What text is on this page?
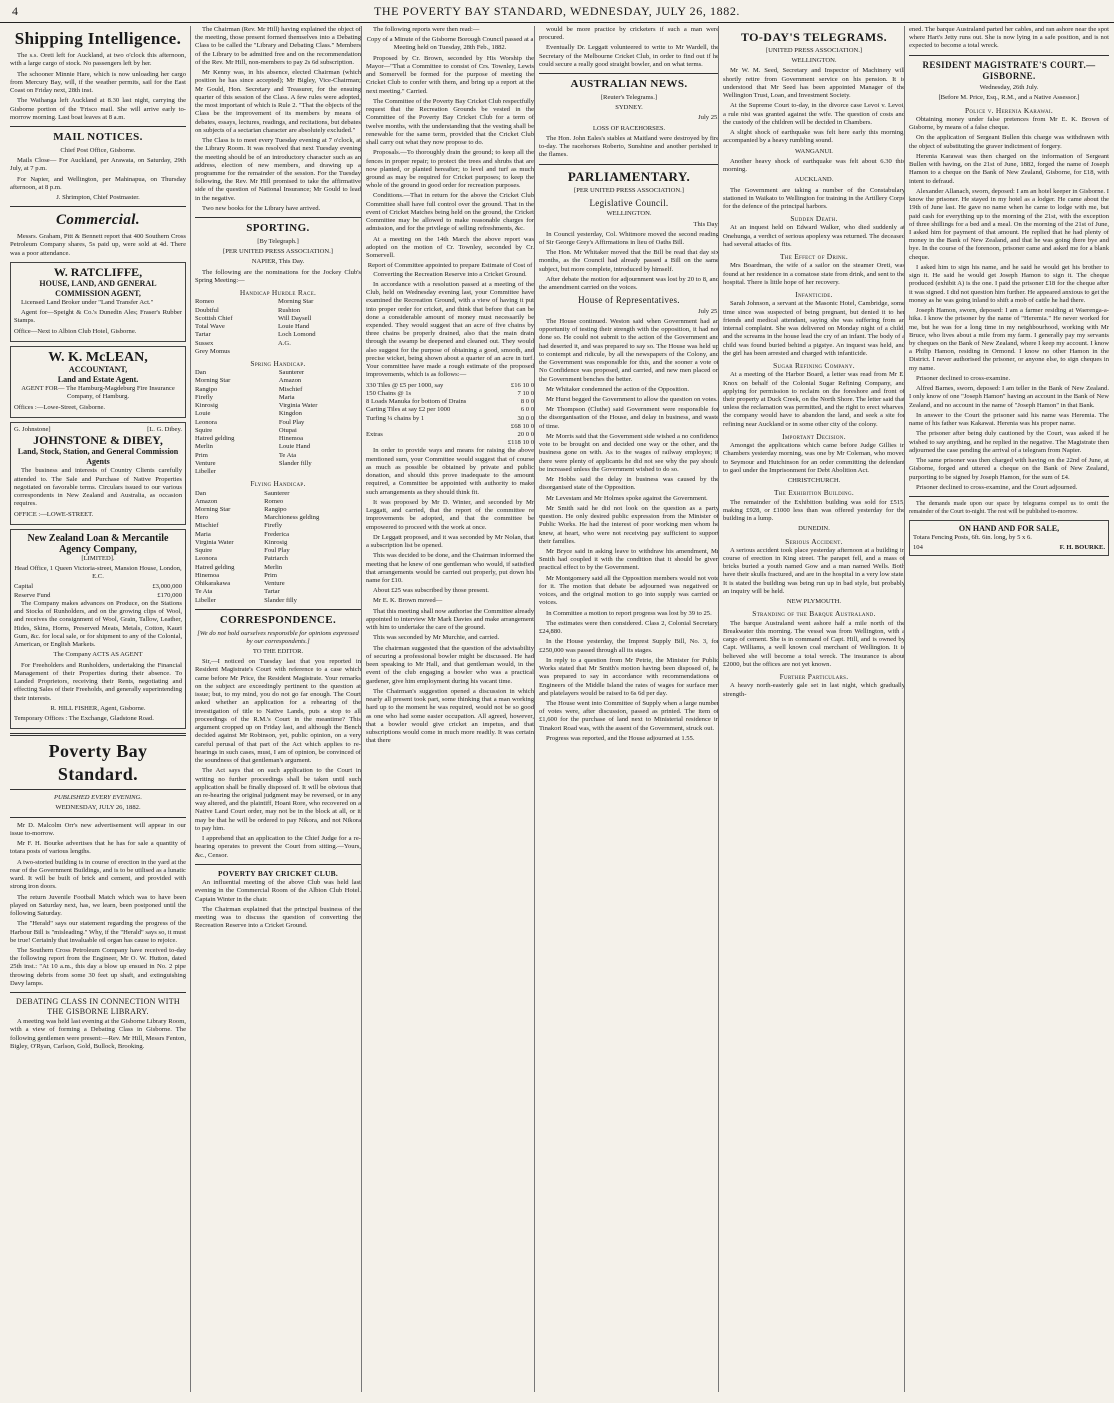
4	THE POVERTY BAY STANDARD, WEDNESDAY, JULY 26, 1882.
Shipping Intelligence.

The s.s. Oreti left for Auckland, at two o'clock this afternoon, with a large cargo of stock. No passengers left by her.

The schooner Minnie Hare, which is now unloading her cargo from Mercury Bay, will, if the weather permits, sail for the East Coast on Friday next, 28th inst.

The Waihanga left Auckland at 8.30 last night, carrying the Gisborne portion of the 'Frisco mail. She will arrive early to-morrow morning. Last boat leaves at 8 a.m.

MAIL NOTICES.

Chief Post Office, Gisborne.

Mails Close— For Auckland, per Arawata, on Saturday, 29th July, at 7 p.m.

For Napier, and Wellington, per Mahinapua, on Thursday afternoon, at 8 p.m.

J. Shrimpton, Chief Postmaster.

Commercial.

Messrs. Graham, Pitt & Bennett report that 400 Southern Cross Petroleum Company shares, 5s paid up, were sold at 4d. There was a poor attendance.

W. RATCLIFFE,
HOUSE, LAND, AND GENERAL COMMISSION AGENT,

Licensed Land Broker under "Land Transfer Act."

Agent for—Speight & Co.'s Dunedin Ales; Fraser's Rubber Stamps.

Office—Next to Albion Club Hotel, Gisborne.

W. K. McLEAN,
ACCOUNTANT,
Land and Estate Agent.

AGENT FOR— The Hamburg-Magdeburg Fire Insurance Company, of Hamburg.

Offices :—Lowe-Street, Gisborne.

G. Johnstone]	[L. G. Dibey.
JOHNSTONE & DIBEY,
Land, Stock, Station, and General Commission Agents

The business and interests of Country Clients carefully attended to. The Sale and Purchase of Native Properties negotiated on favorable terms. Circulars issued to our various correspondents in New Zealand and Australia, as occasion requires.

OFFICE :—LOWE-STREET.

New Zealand Loan & Mercantile Agency Company,

[LIMITED].

Head Office, 1 Queen Victoria-street, Mansion House, London, E.C.

Capital	£3,000,000
Reserve Fund	£170,000

The Company makes advances on Produce, on the Stations and Stocks of Runholders, and on the growing clips of Wool, and receives the consignment of Wool, Grain, Tallow, Leather, Hides, Skins, Horns, Preserved Meats, Metals, Cotton, Kauri Gum, &c. for local sale, or for shipment to any of the Colonial, American, or English Markets.

The Company ACTS AS AGENT

For Freeholders and Runholders, undertaking the Financial Management of their Properties during their absence. To Landed Proprietors, receiving their Rents, negotiating and effecting Sales of their Freeholds, and generally superintending their interests.

R. HILL FISHER, Agent, Gisborne.

Temporary Offices : The Exchange, Gladstone Road.

Poverty Bay Standard.

PUBLISHED EVERY EVENING.

WEDNESDAY, JULY 26, 1882.

Mr D. Malcolm Orr's new advertisement will appear in our issue to-morrow.

Mr F. H. Bourke advertises that he has for sale a quantity of totara posts of various lengths.

A two-storied building is in course of erection in the yard at the rear of the Government Buildings, and is to be utilised as a lunatic ward. It will be built of brick and cement, and provided with strong iron doors.

The return Juvenile Football Match which was to have been played on Saturday next, has, we learn, been postponed until the following Saturday.

The "Herald" says our statement regarding the progress of the Harbour Bill is "misleading." Why, if the "Herald" says so, it must be true! Certainly that invaluable oil organ has cause to rejoice.

The Southern Cross Petroleum Company have received to-day the following report from the Engineer, Mr O. W. Hutton, dated 25th inst.: "At 10 a.m., this day a blow up ensued in No. 2 pipe throwing debris from some 30 feet up shaft, and extinguishing Davy lamps.

DEBATING CLASS IN CONNECTION WITH THE GISBORNE LIBRARY.

A meeting was held last evening at the Gisborne Library Room, with a view of forming a Debating Class in Gisborne. The following gentlemen were present:—Rev. Mr Hill, Messrs Fenton, Bigley, O'Ryan, Carlson, Gold, Bullock, Brooking.

The Chairman (Rev. Mr Hill) having explained the object of the meeting, those present formed themselves into a Debating Class to be called the "Library and Debating Class." Members of the Library to be admitted free and on the recommendation of the Rev. Mr Hill, non-members to pay 2s 6d subscription.

Mr Kenny was, in his absence, elected Chairman (which position he has since accepted); Mr Bigley, Vice-Chairman; Mr Gould, Hon. Secretary and Treasurer, for the ensuing quarter of this session of the Class. A few rules were adopted, the most important of which is Rule 2. "That the objects of the Class be the improvement of its members by means of debates, essays, lectures, readings, and recitations, but debates on subjects of a sectarian character are absolutely excluded."

The Class is to meet every Tuesday evening at 7 o'clock, at the Library Room. It was resolved that next Tuesday evening the meeting should be of an introductory character such as an address, election of new members, and drawing up a programme for the remainder of the session. For the Tuesday following, the Rev. Mr Hill promised to take the affirmative side of the question of National Insurance; Mr Gould to lead in the negative.

Two new books for the Library have arrived.

SPORTING.

[By Telegraph.]

[PER UNITED PRESS ASSOCIATION.]

NAPIER, This Day.

The following are the nominations for the Jockey Club's Spring Meeting:—

Handicap Hurdle Race.
Romeo	Morning Star
Doubtful	Rushton
Scottish Chief	Will Daysell
Total Wave	Louie Hand
Tartar	Loch Lomond
Sussex	A.G.
Grey Momus	
Spring Handicap.
Dan	Saunterer
Morning Star	Amazon
Rangipo	Mischief
Firefly	Maria
Kinrosig	Virginia Water
Louie	Kingdon
Leonora	Foul Play
Squire	Otupai
Hatred gelding	Hinemoa
Merlin	Louie Hand
Prim	Te Ata
Venture	Slander filly
Libeller	
Flying Handicap.
Dan	Saunterer
Amazon	Romeo
Morning Star	Rangipo
Hero	Marchioness gelding
Mischief	Firefly
Maria	Frederica
Virginia Water	Kinrosig
Squire	Foul Play
Leonora	Patriarch
Hatred gelding	Merlin
Hinemoa	Prim
Ohikarakawa	Venture
Te Ata	Tartar
Libeller	Slander filly
CORRESPONDENCE.

[We do not hold ourselves responsible for opinions expressed by our correspondents.]

TO THE EDITOR.

Sir,—I noticed on Tuesday last that you reported in Resident Magistrate's Court with reference to a case which came before Mr Price, the Resident Magistrate. Your remarks on the subject are exceedingly pertinent to the question at issue; but, to my mind, you do not go far enough. The Court asked whether an application for a rehearing of the investigation of title to Native Lands, puts a stop to all proceedings of the R.M.'s Court in the meantime? This argument cropped up on Friday last, and although the Bench decided against Mr Robinson, yet, public opinion, on a very careful perusal of that part of the Act which applies to re-hearings in such cases, must, I am of opinion, be convinced of the soundness of that gentleman's argument.

The Act says that on such application to the Court in writing no further proceedings shall be taken until such application shall be finally disposed of. It will be obvious that an re-hearing the original judgment may be reversed, or in any way altered, and the plaintiff, Hoani Rore, who recovered on a Native Land Court order, may not be in the block at all, or it may be that he will be ordered to pay Nikora, and not Nikora to pay him.

I apprehend that an application to the Chief Judge for a re-hearing operates to prevent the Court from sitting.—Yours, &c., Censor.

POVERTY BAY CRICKET CLUB.

An influential meeting of the above Club was held last evening in the Commercial Room of the Albion Club Hotel. Captain Winter in the chair.

The Chairman explained that the principal business of the meeting was to discuss the question of converting the Recreation Reserve into a Cricket Ground.

The following reports were then read:—

Copy of a Minute of the Gisborne Borough Council passed at a Meeting held on Tuesday, 28th Feb., 1882.

Proposed by Cr. Brown, seconded by His Worship the Mayor—"That a Committee to consist of Crs. Townley, Lewis and Somervell be formed for the purpose of meeting the Cricket Club to confer with them, and bring up a report at the next meeting." Carried.

The Committee of the Poverty Bay Cricket Club respectfully request that the Recreation Grounds be vested in the Committee of the Poverty Bay Cricket Club for a term of twelve months, with the understanding that the vesting shall be renewable for the same term, provided that the Cricket Club shall carry out what they now propose to do.

Proposals.—To thoroughly drain the ground; to keep all the fences in proper repair; to protect the trees and shrubs that are now planted, or planted hereafter; to level and turf as much ground as may be required for Cricket purposes; to keep the whole of the ground in good order for recreation purposes.

Conditions.—That in return for the above the Cricket Club Committee shall have full control over the ground. That in the event of Cricket Matches being held on the ground, the Cricket Committee may be allowed to make reasonable charges for admission, and for the privilege of selling refreshments, &c.

At a meeting on the 14th March the above report was adopted on the motion of Cr. Townley, seconded by Cr. Somervell.

Report of Committee appointed to prepare Estimate of Cost of Converting the Recreation Reserve into a Cricket Ground.

In accordance with a resolution passed at a meeting of the Club, held on Wednesday evening last, your Committee have examined the Recreation Ground, with a view of having it put into proper order for cricket, and think that before that can be done a considerable amount of money must necessarily be expended. They would suggest that an acre of five chains by three chains be properly drained, also that the main drain through the swamp be deepened and cleaned out. They would also suggest for the purpose of obtaining a good, smooth, and precise wicket, being shown about a quarter of an acre in turf. Your committee have made a rough estimate of the proposed improvements, which is as follows:—

330 Tiles @ £5 per 1000, say	£16 10 0
150 Chains @ 1s	7 10 0
8 Loads Manuka for bottom of Drains	8 0 0
Carting Tiles at say £2 per 1000	6 0 0
Turfing ¼ chains by 1	30 0 0
	£68 10 0
Extras	20 0 0
	£118 10 0

In order to provide ways and means for raising the above mentioned sum, your Committee would suggest that of course as much as possible be obtained by private and public donation, and should this prove inadequate to the amount required, a Committee be appointed with authority to make such arrangements as they should think fit.

It was proposed by Mr D. Winter, and seconded by Mr Leggatt, and carried, that the report of the committee re improvements be adopted, and that the committee be empowered to proceed with the work at once.

Dr Leggatt proposed, and it was seconded by Mr Nolan, that a subscription list be opened.

This was decided to be done, and the Chairman informed the meeting that he knew of one gentleman who would, if satisfied that arrangements would be carried out properly, put down his name for £10.

About £25 was subscribed by those present.

Mr E. K. Brown moved—

That this meeting shall now authorise the Committee already appointed to interview Mr Mark Davies and make arrangement with him to undertake the care of the ground.

This was seconded by Mr Murchie, and carried.

The chairman suggested that the question of the advisability of securing a professional bowler might be discussed. He had been speaking to Mr Hall, and that gentleman would, in the event of the club engaging a bowler who was a practical gardener, give him employment during his vacant time.

The Chairman's suggestion opened a discussion in which nearly all present took part, some thinking that a man working hard up to the moment he was required, would not be so good as one who had some easier occupation. All agreed, however, that a bowler would give cricket an impetus, and that subscriptions would come in much more readily. It was certain that there

would be more practice by cricketers if such a man were procured.

Eventually Dr. Leggatt volunteered to write to Mr Wardell, the Secretary of the Melbourne Cricket Club, in order to find out if he could secure a really good straight bowler, and on what terms.

AUSTRALIAN NEWS.

[Reuter's Telegrams.]

SYDNEY.

July 25.

LOSS OF RACEHORSES.

The Hon. John Eales's stables at Maitland were destroyed by fire to-day. The racehorses Roberto, Sunshine and another perished in the flames.

PARLIAMENTARY.

[PER UNITED PRESS ASSOCIATION.]

Legislative Council.

WELLINGTON.

This Day.

In Council yesterday, Col. Whitmore moved the second reading of Sir George Grey's Affirmations in lieu of Oaths Bill.

The Hon. Mr Whitaker moved that the Bill be read that day six months, as the Council had already passed a Bill on the same subject, but more complete, introduced by himself.

After debate the motion for adjournment was lost by 20 to 8, and the amendment carried on the voices.

House of Representatives.

July 25.

The House continued. Weston said when Government had an opportunity of testing their strength with the opposition, it had not done so. He could not submit to the action of the Government and had deserted it, and was prepared to say so. The House was held up to contempt and ridicule, by all the newspapers of the Colony, and the Government was responsible for this, and the sooner a vote of No Confidence was proposed, and carried, and new men placed on the Government benches the better.

Mr Whitaker condemned the action of the Opposition.

Mr Hurst begged the Government to allow the question on votes.

Mr Thompson (Cluthe) said Government were responsible for the disorganisation of the House, and delay in business, and waste of time.

Mr Morris said that the Government side wished a no confidence vote to be brought on and decided one way or the other, and the business gone on with. As to the wages of railway employes; if there were plenty of applicants he did not see why the pay should be increased unless the Government wished to do so.

Mr Hobbs said the delay in business was caused by the disorganised state of the Opposition.

Mr Levestam and Mr Holmes spoke against the Government.

Mr Smith said he did not look on the question as a party question. He only desired public expression from the Minister of Public Works. He had the interest of poor working men whom he knew, at heart, who were not receiving pay sufficient to support their families.

Mr Bryce said in asking leave to withdraw his amendment, Mr Smith had coupled it with the condition that it should be given practical effect to by the Government.

Mr Montgomery said all the Opposition members would not vote for it. The motion that debate be adjourned was negatived on voices, and the original motion to go into supply was carried on voices.

In Committee a motion to report progress was lost by 39 to 25.

The estimates were then considered. Class 2, Colonial Secretary, £24,880.

In the House yesterday, the Imprest Supply Bill, No. 3, for £250,000 was passed through all its stages.

In reply to a question from Mr Petrie, the Minister for Public Works stated that Mr Smith's motion having been disposed of, he was prepared to say in accordance with recommendations of Engineers of the Middle Island the rates of wages for surface men and platelayers would be raised to 6s 6d per day.

The House went into Committee of Supply when a large number of votes were, after discussion, passed as printed. The item of £1,600 for the purchase of land next to Ministerial residence in Tinakori Road was, with the assent of the Government, struck out.

Progress was reported, and the House adjourned at 1.55.

TO-DAY'S TELEGRAMS.

[UNITED PRESS ASSOCIATION.]

WELLINGTON.

Mr W. M. Seed, Secretary and Inspector of Machinery will shortly retire from Government service on his pension. It is understood that Mr Seed has been appointed Manager of the Wellington Trust, Loan, and Investment Society.

At the Supreme Court to-day, in the divorce case Levoi v. Levoi, a rule nisi was granted against the wife. The question of costs and the custody of the children will be decided in Chambers.

A slight shock of earthquake was felt here early this morning, accompanied by a heavy rumbling sound.

WANGANUI.

Another heavy shock of earthquake was felt about 6.30 this morning.

AUCKLAND.

The Government are taking a number of the Constabulary stationed in Waikato to Wellington for training in the Artillery Corps for the defence of the principal harbors.

Sudden Death.

At an inquest held on Edward Walker, who died suddenly at Onehunga, a verdict of serious apoplexy was returned. The deceased had several attacks of fits.

The Effect of Drink.

Mrs Boardman, the wife of a sailor on the steamer Oreti, was found at her residence in a comatose state from drink, and sent to the hospital. There is little hope of her recovery.

Infanticide.

Sarah Johnson, a servant at the Masonic Hotel, Cambridge, some time since was suspected of being pregnant, but denied it to her friends and medical attendant, saying she was suffering from an internal complaint. She was delivered on Monday night of a child, and the screams in the house lead the cry of an infant. The body of a child was found buried behind a pigstye. An inquest was held, and the girl has been arrested and charged with infanticide.

Sugar Refining Company.

At a meeting of the Harbor Board, a letter was read from Mr E. Knox on behalf of the Colonial Sugar Refining Company, and applying for permission to reclaim on the foreshore and front of their property at Duck Creek, on the North Shore. The letter said that unless the reclamation was permitted, and the right to erect wharves, the company would have to abandon the land, and seek a site for refining near Auckland or in some other city of the colony.

Important Decision.

Amongst the applications which came before Judge Gillies in Chambers yesterday morning, was one by Mr Coleman, who moved to Seymour and Hutchinson for an order committing the defendant to gaol under the Imprisonment for Debt Abolition Act.

CHRISTCHURCH.

The Exhibition Building.

The remainder of the Exhibition building was sold for £515, making £928, or £1000 less than was offered yesterday for the building in a lump.

DUNEDIN.

Serious Accident.

A serious accident took place yesterday afternoon at a building in course of erection in King street. The parapet fell, and a mass of bricks buried a youth named Gow and a man named Wells. Both have their skulls fractured, and are in the hospital in a very low state. It is stated the building was being run up in bad style, but probably an inquiry will be held.

NEW PLYMOUTH.

Stranding of the Barque Australand.

The barque Australand went ashore half a mile north of the Breakwater this morning. The vessel was from Wellington, with a cargo of cement. She is in command of Capt. Hill, and is owned by Capt. Williams, a well known coal merchant of Wellington. It is believed she will become a total wreck. The insurance is about £2000, but the offices are not yet known.

Further Particulars.

A heavy north-easterly gale set in last night, which gradually strength-

ened. The barque Australand parted her cables, and ran ashore near the spot where Hart's Jetty runs out. She is now lying in a safe position, and is not expected to become a total wreck.

RESIDENT MAGISTRATE'S COURT.—GISBORNE.

Wednesday, 26th July.

[Before M. Price, Esq., R.M., and a Native Assessor.]

Police v. Herenia Karawai.

Obtaining money under false pretences from Mr E. K. Brown of Gisborne, by means of a false cheque.

On the application of Sergeant Bullen this charge was withdrawn with the object of substituting the graver indictment of forgery.

Herenia Karawai was then charged on the information of Sergeant Bullen with having, on the 21st of June, 1882, forged the name of Joseph Hamon to a cheque on the Bank of New Zealand, Gisborne, for £18, with intent to defraud.

Alexander Allanach, sworn, deposed: I am an hotel keeper in Gisborne. I know the prisoner. He stayed in my hotel as a lodger. He came about the 19th of June last. He gave no name when he came to lodge with me, but paid cash for everything up to the morning of the 21st, with the exception of three shillings for a bed and a meal. On the morning of the 21st of June, I asked him for payment of that amount. He replied that he had plenty of money in the Bank of New Zealand, and that he was going there bye and bye. In the course of the forenoon, prisoner came and asked me for a blank cheque.

I asked him to sign his name, and he said he would get his brother to sign it. He said he would get Joseph Hamon to sign it. The cheque produced (exhibit A) is the one. I paid the prisoner £18 for the cheque after it was signed. I did not question him further. He appeared anxious to get the money as he was going inland to shift a mob of cattle he had there.

Joseph Hamon, sworn, deposed: I am a farmer residing at Waerenga-a-hika. I know the prisoner by the name of "Heremia." He never worked for me, but he was for a long time in my neighbourhood, working with Mr Bruce, who lives about a mile from my farm. I generally pay my servants by cheques on the Bank of New Zealand, where I keep my account. I know a Philip Hamon, residing in Ormond. I know no other Hamon in the District. I never authorised the prisoner, or anyone else, to sign cheques in my name.

Prisoner declined to cross-examine.

Alfred Barnes, sworn, deposed: I am teller in the Bank of New Zealand. I only know of one "Joseph Hamon" having an account in the Bank of New Zealand, and no account in the name of "Joseph Hamon" in that Bank.

In answer to the Court the prisoner said his name was Heremia. The name of his father was Kakawai. Herenia was his proper name.

The prisoner after being duly cautioned by the Court, was asked if he wished to say anything, and he replied in the negative. The Magistrate then adjourned the case pending the arrival of a telegram from Napier.

The same prisoner was then charged with having on the 22nd of June, at Gisborne, forged and uttered a cheque on the Bank of New Zealand, purporting to be signed by Joseph Hamon, for the sum of £4.

Prisoner declined to cross-examine, and the Court adjourned.

The demands made upon our space by telegrams compel us to omit the remainder of the Court to-night. The rest will be published to-morrow.

ON HAND AND FOR SALE,

Totara Fencing Posts, 6ft. 6in. long, by 5 x 6.

104	F. H. BOURKE.
